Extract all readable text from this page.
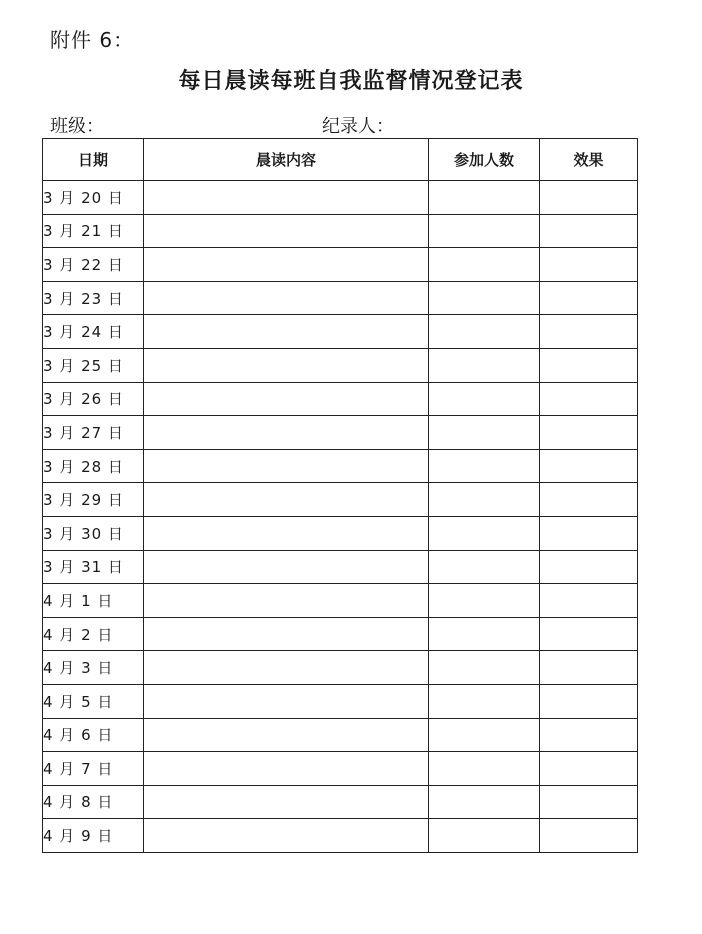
附件 6：
每日晨读每班自我监督情况登记表
班级：	纪录人：
日期	晨读内容	参加人数	效果
3 月 20 日			
3 月 21 日			
3 月 22 日			
3 月 23 日			
3 月 24 日			
3 月 25 日			
3 月 26 日			
3 月 27 日			
3 月 28 日			
3 月 29 日			
3 月 30 日			
3 月 31 日			
4 月 1 日			
4 月 2 日			
4 月 3 日			
4 月 5 日			
4 月 6 日			
4 月 7 日			
4 月 8 日			
4 月 9 日			
